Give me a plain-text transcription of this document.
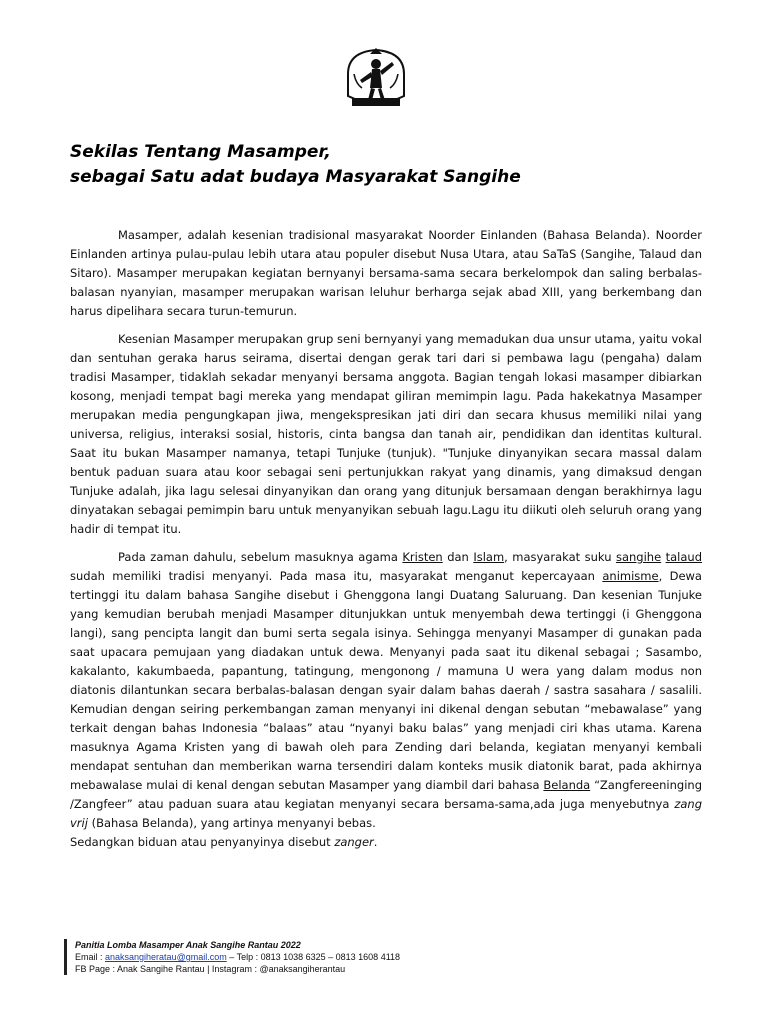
Sekilas Tentang Masamper,
sebagai Satu adat budaya Masyarakat Sangihe

Masamper, adalah kesenian tradisional masyarakat Noorder Einlanden (Bahasa Belanda). Noorder Einlanden artinya pulau-pulau lebih utara atau populer disebut Nusa Utara, atau SaTaS (Sangihe, Talaud dan Sitaro). Masamper merupakan kegiatan bernyanyi bersama-sama secara berkelompok dan saling berbalas-balasan nyanyian, masamper merupakan warisan leluhur berharga sejak abad XIII, yang berkembang dan harus dipelihara secara turun-temurun.

Kesenian Masamper merupakan grup seni bernyanyi yang memadukan dua unsur utama, yaitu vokal dan sentuhan geraka harus seirama, disertai dengan gerak tari dari si pembawa lagu (pengaha) dalam tradisi Masamper, tidaklah sekadar menyanyi bersama anggota. Bagian tengah lokasi masamper dibiarkan kosong, menjadi tempat bagi mereka yang mendapat giliran memimpin lagu. Pada hakekatnya Masamper merupakan media pengungkapan jiwa, mengekspresikan jati diri dan secara khusus memiliki nilai yang universa, religius, interaksi sosial, historis, cinta bangsa dan tanah air, pendidikan dan identitas kultural. Saat itu bukan Masamper namanya, tetapi Tunjuke (tunjuk). "Tunjuke dinyanyikan secara massal dalam bentuk paduan suara atau koor sebagai seni pertunjukkan rakyat yang dinamis, yang dimaksud dengan Tunjuke adalah, jika lagu selesai dinyanyikan dan orang yang ditunjuk bersamaan dengan berakhirnya lagu dinyatakan sebagai pemimpin baru untuk menyanyikan sebuah lagu.Lagu itu diikuti oleh seluruh orang yang hadir di tempat itu.

Pada zaman dahulu, sebelum masuknya agama Kristen dan Islam, masyarakat suku sangihe talaud sudah memiliki tradisi menyanyi. Pada masa itu, masyarakat menganut kepercayaan animisme, Dewa tertinggi itu dalam bahasa Sangihe disebut i Ghenggona langi Duatang Saluruang. Dan kesenian Tunjuke yang kemudian berubah menjadi Masamper ditunjukkan untuk menyembah dewa tertinggi (i Ghenggona langi), sang pencipta langit dan bumi serta segala isinya. Sehingga menyanyi Masamper di gunakan pada saat upacara pemujaan yang diadakan untuk dewa. Menyanyi pada saat itu dikenal sebagai ; Sasambo, kakalanto, kakumbaeda, papantung, tatingung, mengonong / mamuna U wera yang dalam modus non diatonis dilantunkan secara berbalas-balasan dengan syair dalam bahas daerah / sastra sasahara / sasalili. Kemudian dengan seiring perkembangan zaman menyanyi ini dikenal dengan sebutan “mebawalase” yang terkait dengan bahas Indonesia “balaas” atau “nyanyi baku balas” yang menjadi ciri khas utama. Karena masuknya Agama Kristen yang di bawah oleh para Zending dari belanda, kegiatan menyanyi kembali mendapat sentuhan dan memberikan warna tersendiri dalam konteks musik diatonik barat, pada akhirnya mebawalase mulai di kenal dengan sebutan Masamper yang diambil dari bahasa Belanda “Zangfereeninging /Zangfeer” atau paduan suara atau kegiatan menyanyi secara bersama-sama,ada juga menyebutnya zang vrij (Bahasa Belanda), yang artinya menyanyi bebas.

Sedangkan biduan atau penyanyinya disebut zanger.

Panitia Lomba Masamper Anak Sangihe Rantau 2022
Email : anaksangiheratau@gmail.com – Telp : 0813 1038 6325 – 0813 1608 4118
FB Page : Anak Sangihe Rantau | Instagram : @anaksangiherantau
